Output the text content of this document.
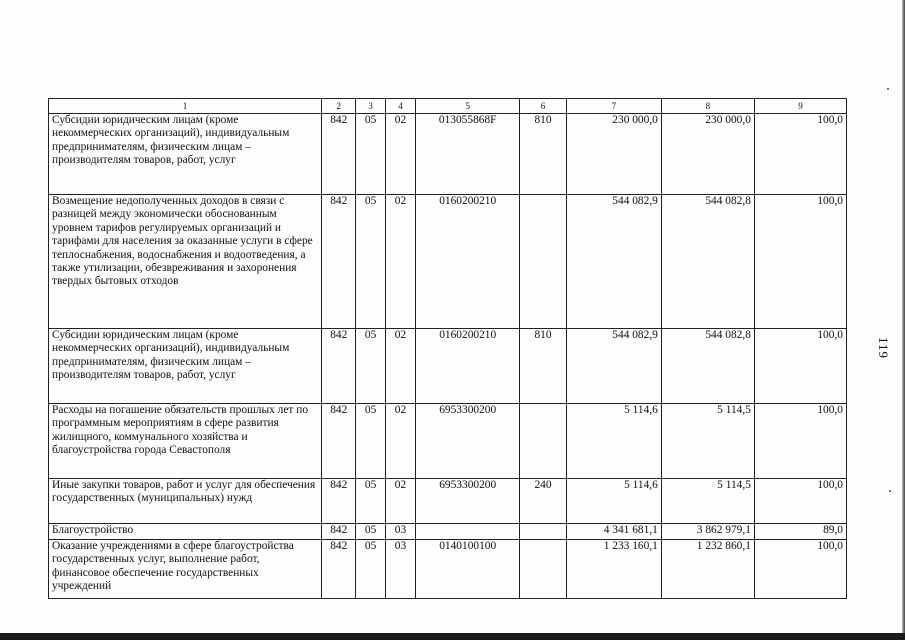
1	2	3	4	5	6	7	8	9
Субсидии юридическим лицам (кроме некоммерческих организаций), индивидуальным предпринимателям, физическим лицам – производителям товаров, работ, услуг	842	05	02	013055868F	810	230 000,0	230 000,0	100,0
Возмещение недополученных доходов в связи с разницей между экономически обоснованным уровнем тарифов регулируемых организаций и тарифами для населения за оказанные услуги в сфере теплоснабжения, водоснабжения и водоотведения, а также утилизации, обезвреживания и захоронения твердых бытовых отходов	842	05	02	0160200210		544 082,9	544 082,8	100,0
Субсидии юридическим лицам (кроме некоммерческих организаций), индивидуальным предпринимателям, физическим лицам – производителям товаров, работ, услуг	842	05	02	0160200210	810	544 082,9	544 082,8	100,0
Расходы на погашение обязательств прошлых лет по программным мероприятиям в сфере развития жилищного, коммунального хозяйства и благоустройства города Севастополя	842	05	02	6953300200		5 114,6	5 114,5	100,0
Иные закупки товаров, работ и услуг для обеспечения государственных (муниципальных) нужд	842	05	02	6953300200	240	5 114,6	5 114,5	100,0
Благоустройство	842	05	03			4 341 681,1	3 862 979,1	89,0
Оказание учреждениями в сфере благоустройства государственных услуг, выполнение работ, финансовое обеспечение государственных учреждений	842	05	03	0140100100		1 233 160,1	1 232 860,1	100,0
119
